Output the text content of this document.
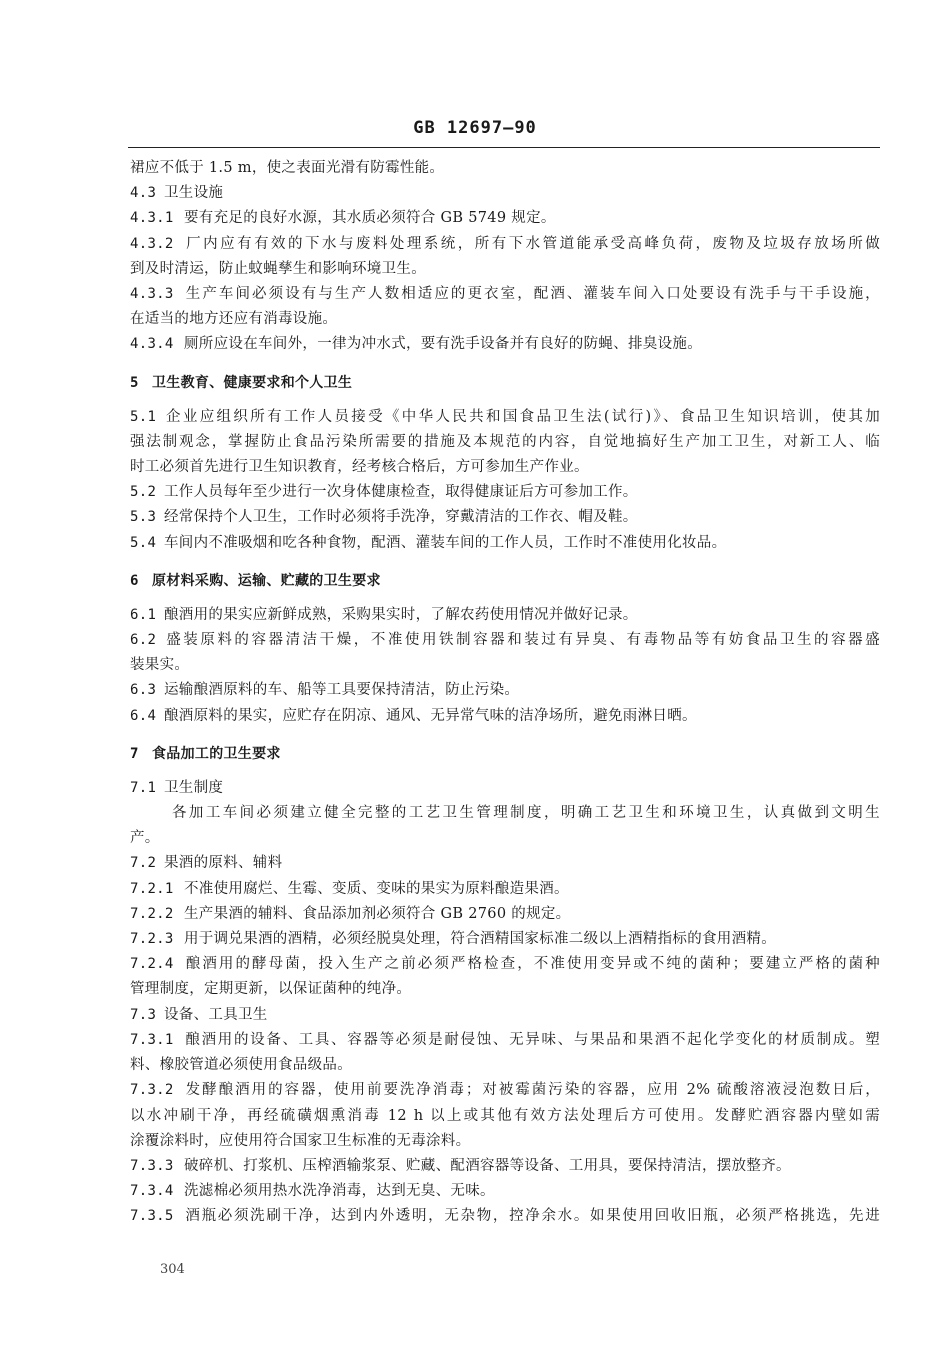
GB 12697—90
裙应不低于 1.5 m，使之表面光滑有防霉性能。
4.3 卫生设施
4.3.1 要有充足的良好水源，其水质必须符合 GB 5749 规定。
4.3.2 厂内应有有效的下水与废料处理系统，所有下水管道能承受高峰负荷，废物及垃圾存放场所做
到及时清运，防止蚊蝇孳生和影响环境卫生。
4.3.3 生产车间必须设有与生产人数相适应的更衣室，配酒、灌装车间入口处要设有洗手与干手设施，
在适当的地方还应有消毒设施。
4.3.4 厕所应设在车间外，一律为冲水式，要有洗手设备并有良好的防蝇、排臭设施。
5 卫生教育、健康要求和个人卫生
5.1 企业应组织所有工作人员接受《中华人民共和国食品卫生法(试行)》、食品卫生知识培训，使其加
强法制观念，掌握防止食品污染所需要的措施及本规范的内容，自觉地搞好生产加工卫生，对新工人、临
时工必须首先进行卫生知识教育，经考核合格后，方可参加生产作业。
5.2 工作人员每年至少进行一次身体健康检查，取得健康证后方可参加工作。
5.3 经常保持个人卫生，工作时必须将手洗净，穿戴清洁的工作衣、帽及鞋。
5.4 车间内不准吸烟和吃各种食物，配酒、灌装车间的工作人员，工作时不准使用化妆品。
6 原材料采购、运输、贮藏的卫生要求
6.1 酿酒用的果实应新鲜成熟，采购果实时，了解农药使用情况并做好记录。
6.2 盛装原料的容器清洁干燥，不准使用铁制容器和装过有异臭、有毒物品等有妨食品卫生的容器盛
装果实。
6.3 运输酿酒原料的车、船等工具要保持清洁，防止污染。
6.4 酿酒原料的果实，应贮存在阴凉、通风、无异常气味的洁净场所，避免雨淋日晒。
7 食品加工的卫生要求
7.1 卫生制度
各加工车间必须建立健全完整的工艺卫生管理制度，明确工艺卫生和环境卫生，认真做到文明生
产。
7.2 果酒的原料、辅料
7.2.1 不准使用腐烂、生霉、变质、变味的果实为原料酿造果酒。
7.2.2 生产果酒的辅料、食品添加剂必须符合 GB 2760 的规定。
7.2.3 用于调兑果酒的酒精，必须经脱臭处理，符合酒精国家标准二级以上酒精指标的食用酒精。
7.2.4 酿酒用的酵母菌，投入生产之前必须严格检查，不准使用变异或不纯的菌种；要建立严格的菌种
管理制度，定期更新，以保证菌种的纯净。
7.3 设备、工具卫生
7.3.1 酿酒用的设备、工具、容器等必须是耐侵蚀、无异味、与果品和果酒不起化学变化的材质制成。塑
料、橡胶管道必须使用食品级品。
7.3.2 发酵酿酒用的容器，使用前要洗净消毒；对被霉菌污染的容器，应用 2% 硫酸溶液浸泡数日后，
以水冲刷干净，再经硫磺烟熏消毒 12 h 以上或其他有效方法处理后方可使用。发酵贮酒容器内壁如需
涂覆涂料时，应使用符合国家卫生标准的无毒涂料。
7.3.3 破碎机、打浆机、压榨酒输浆泵、贮藏、配酒容器等设备、工用具，要保持清洁，摆放整齐。
7.3.4 洗滤棉必须用热水洗净消毒，达到无臭、无味。
7.3.5 酒瓶必须洗刷干净，达到内外透明，无杂物，控净余水。如果使用回收旧瓶，必须严格挑选，先进
304
